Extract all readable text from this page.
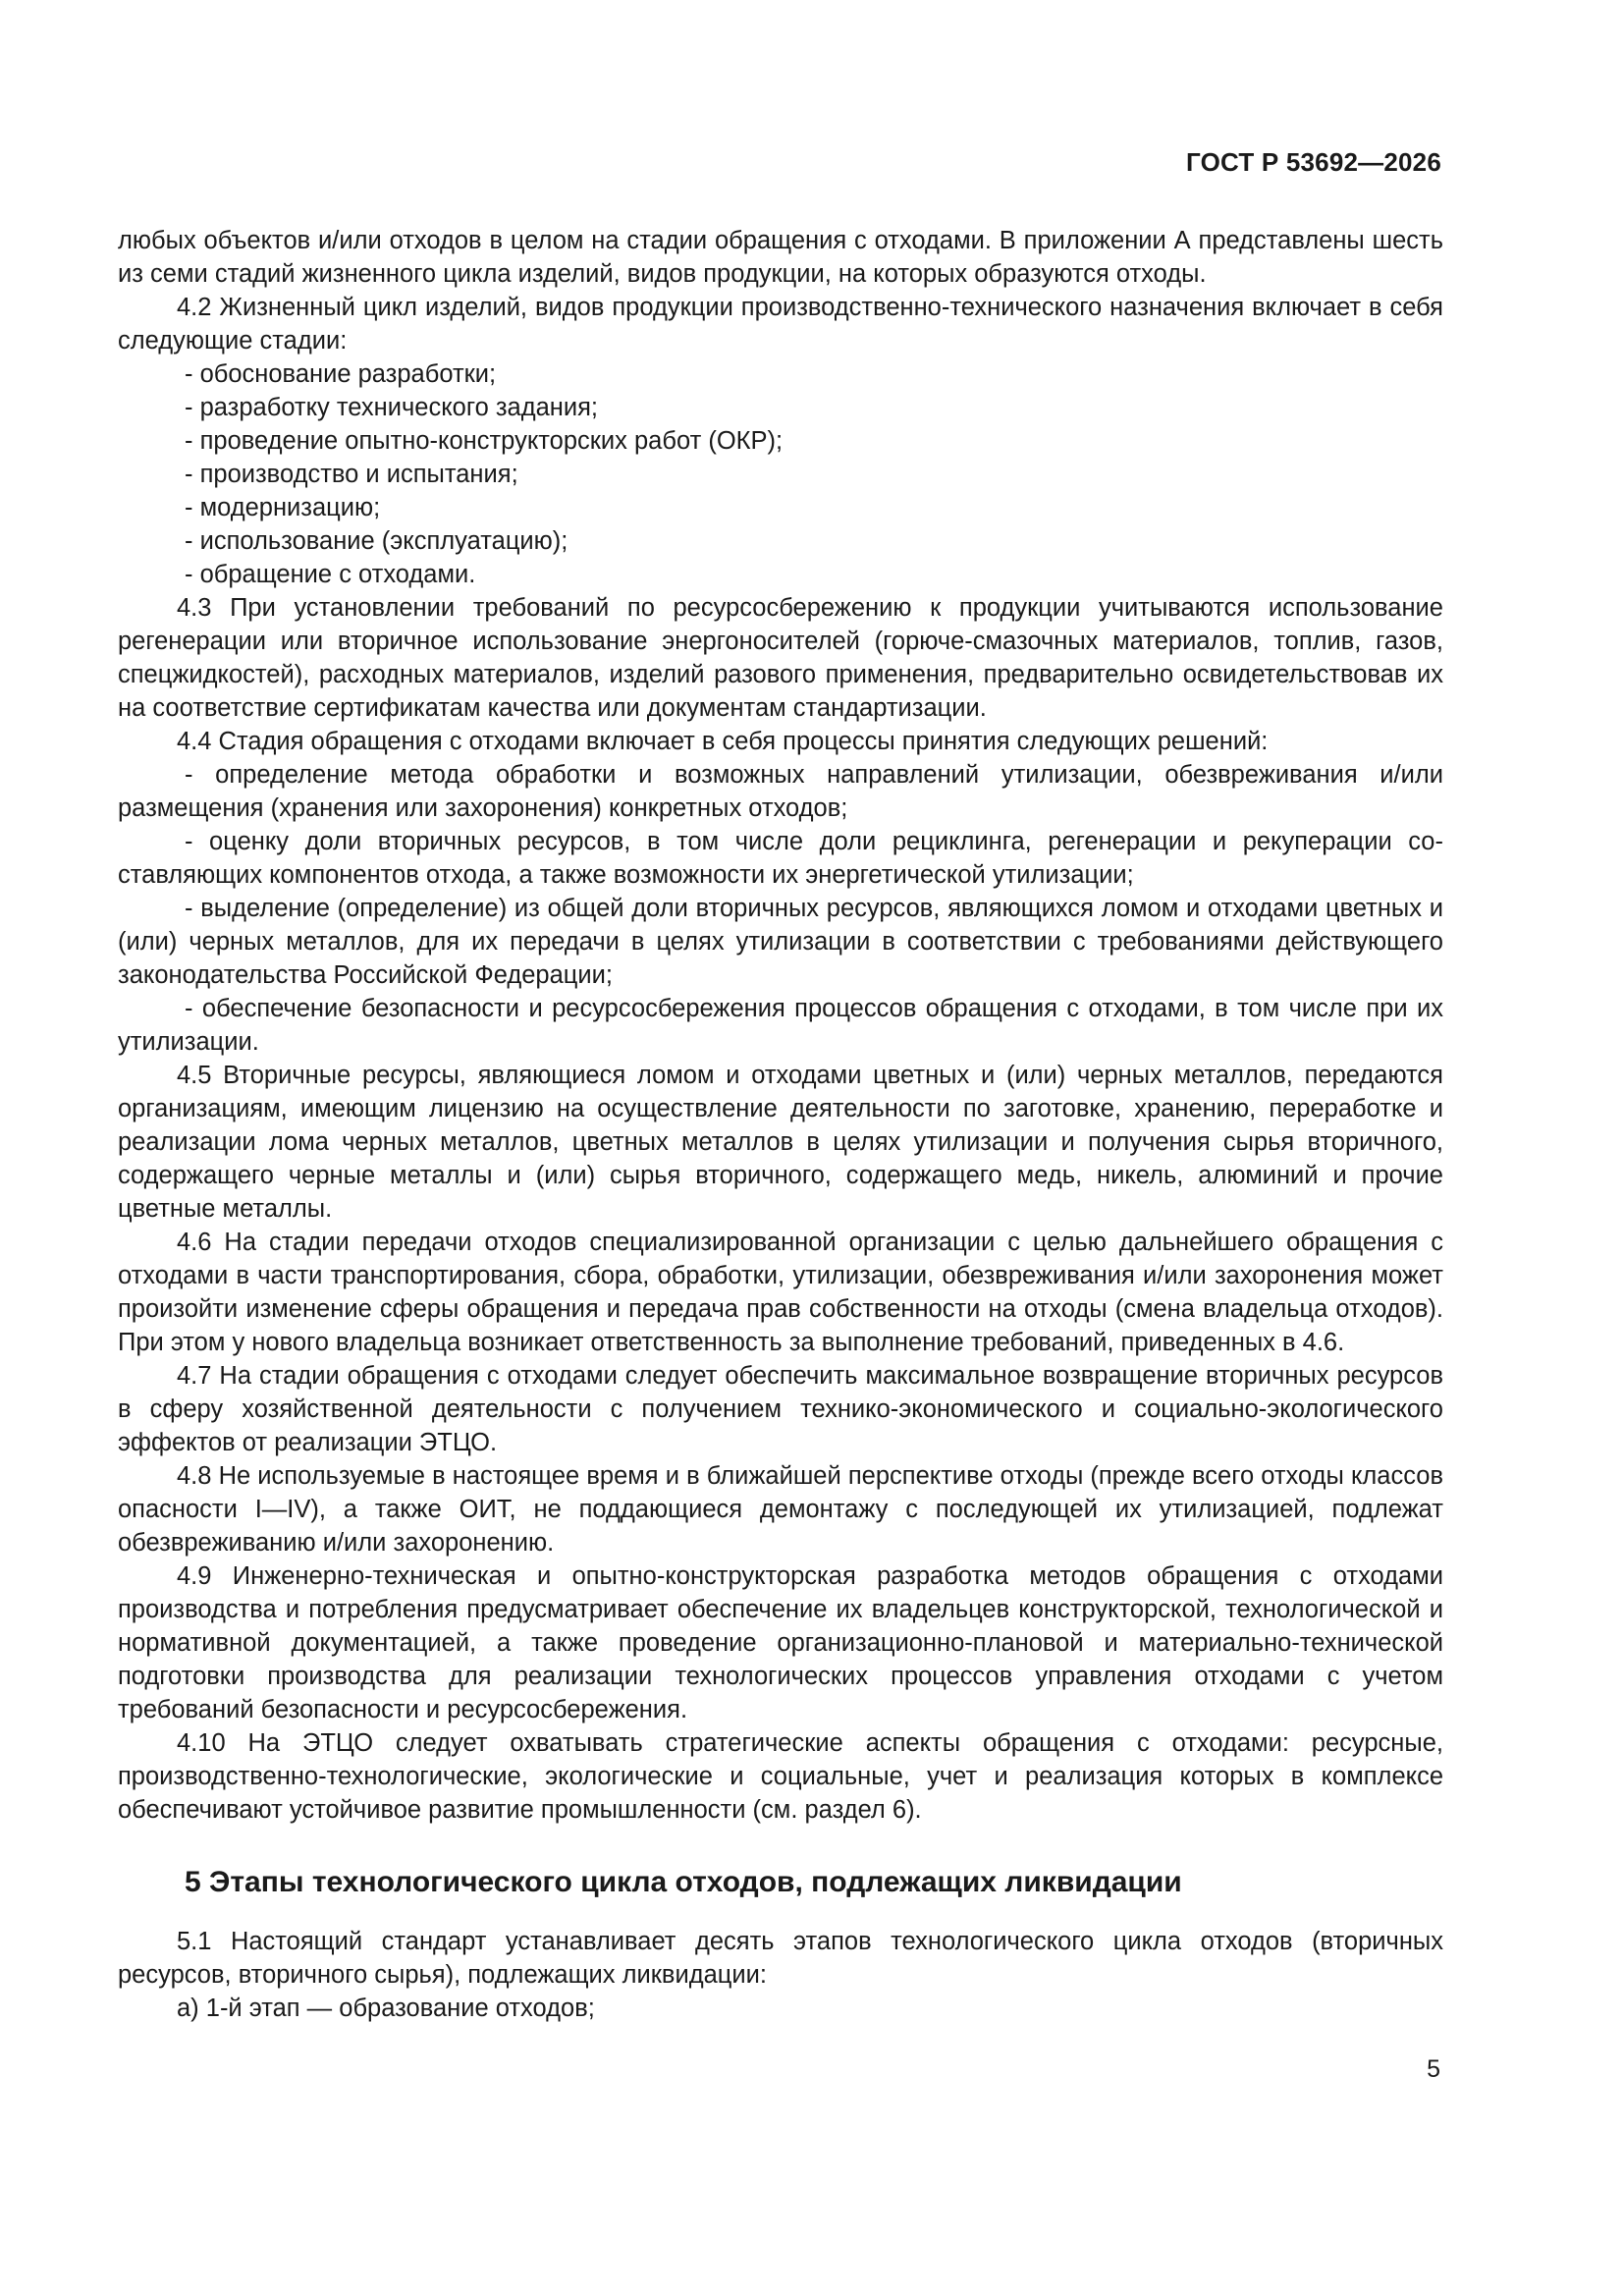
ГОСТ Р 53692—2026

любых объектов и/или отходов в целом на стадии обращения с отходами. В приложении А представлены шесть из семи стадий жизненного цикла изделий, видов продукции, на которых образуются отходы.

4.2 Жизненный цикл изделий, видов продукции производственно-технического назначения включает в себя следующие стадии:

- обоснование разработки;

- разработку технического задания;

- проведение опытно-конструкторских работ (ОКР);

- производство и испытания;

- модернизацию;

- использование (эксплуатацию);

- обращение с отходами.

4.3 При установлении требований по ресурсосбережению к продукции учитываются использование регенерации или вторичное использование энергоносителей (горюче-смазочных материалов, топлив, газов, спецжидкостей), расходных материалов, изделий разового применения, предварительно освидетельствовав их на соответствие сертификатам качества или документам стандартизации.

4.4 Стадия обращения с отходами включает в себя процессы принятия следующих решений:

- определение метода обработки и возможных направлений утилизации, обезвреживания и/или размещения (хранения или захоронения) конкретных отходов;

- оценку доли вторичных ресурсов, в том числе доли рециклинга, регенерации и рекуперации составляющих компонентов отхода, а также возможности их энергетической утилизации;

- выделение (определение) из общей доли вторичных ресурсов, являющихся ломом и отходами цветных и (или) черных металлов, для их передачи в целях утилизации в соответствии с требованиями действующего законодательства Российской Федерации;

- обеспечение безопасности и ресурсосбережения процессов обращения с отходами, в том числе при их утилизации.

4.5 Вторичные ресурсы, являющиеся ломом и отходами цветных и (или) черных металлов, передаются организациям, имеющим лицензию на осуществление деятельности по заготовке, хранению, переработке и реализации лома черных металлов, цветных металлов в целях утилизации и получения сырья вторичного, содержащего черные металлы и (или) сырья вторичного, содержащего медь, никель, алюминий и прочие цветные металлы.

4.6 На стадии передачи отходов специализированной организации с целью дальнейшего обращения с отходами в части транспортирования, сбора, обработки, утилизации, обезвреживания и/или захоронения может произойти изменение сферы обращения и передача прав собственности на отходы (смена владельца отходов). При этом у нового владельца возникает ответственность за выполнение требований, приведенных в 4.6.

4.7 На стадии обращения с отходами следует обеспечить максимальное возвращение вторичных ресурсов в сферу хозяйственной деятельности с получением технико-экономического и социально-экологического эффектов от реализации ЭТЦО.

4.8 Не используемые в настоящее время и в ближайшей перспективе отходы (прежде всего отходы классов опасности I—IV), а также ОИТ, не поддающиеся демонтажу с последующей их утилизацией, подлежат обезвреживанию и/или захоронению.

4.9 Инженерно-техническая и опытно-конструкторская разработка методов обращения с отходами производства и потребления предусматривает обеспечение их владельцев конструкторской, технологической и нормативной документацией, а также проведение организационно-плановой и материально-технической подготовки производства для реализации технологических процессов управления отходами с учетом требований безопасности и ресурсосбережения.

4.10 На ЭТЦО следует охватывать стратегические аспекты обращения с отходами: ресурсные, производственно-технологические, экологические и социальные, учет и реализация которых в комплексе обеспечивают устойчивое развитие промышленности (см. раздел 6).

5 Этапы технологического цикла отходов, подлежащих ликвидации

5.1 Настоящий стандарт устанавливает десять этапов технологического цикла отходов (вторичных ресурсов, вторичного сырья), подлежащих ликвидации:

а) 1-й этап — образование отходов;

5
